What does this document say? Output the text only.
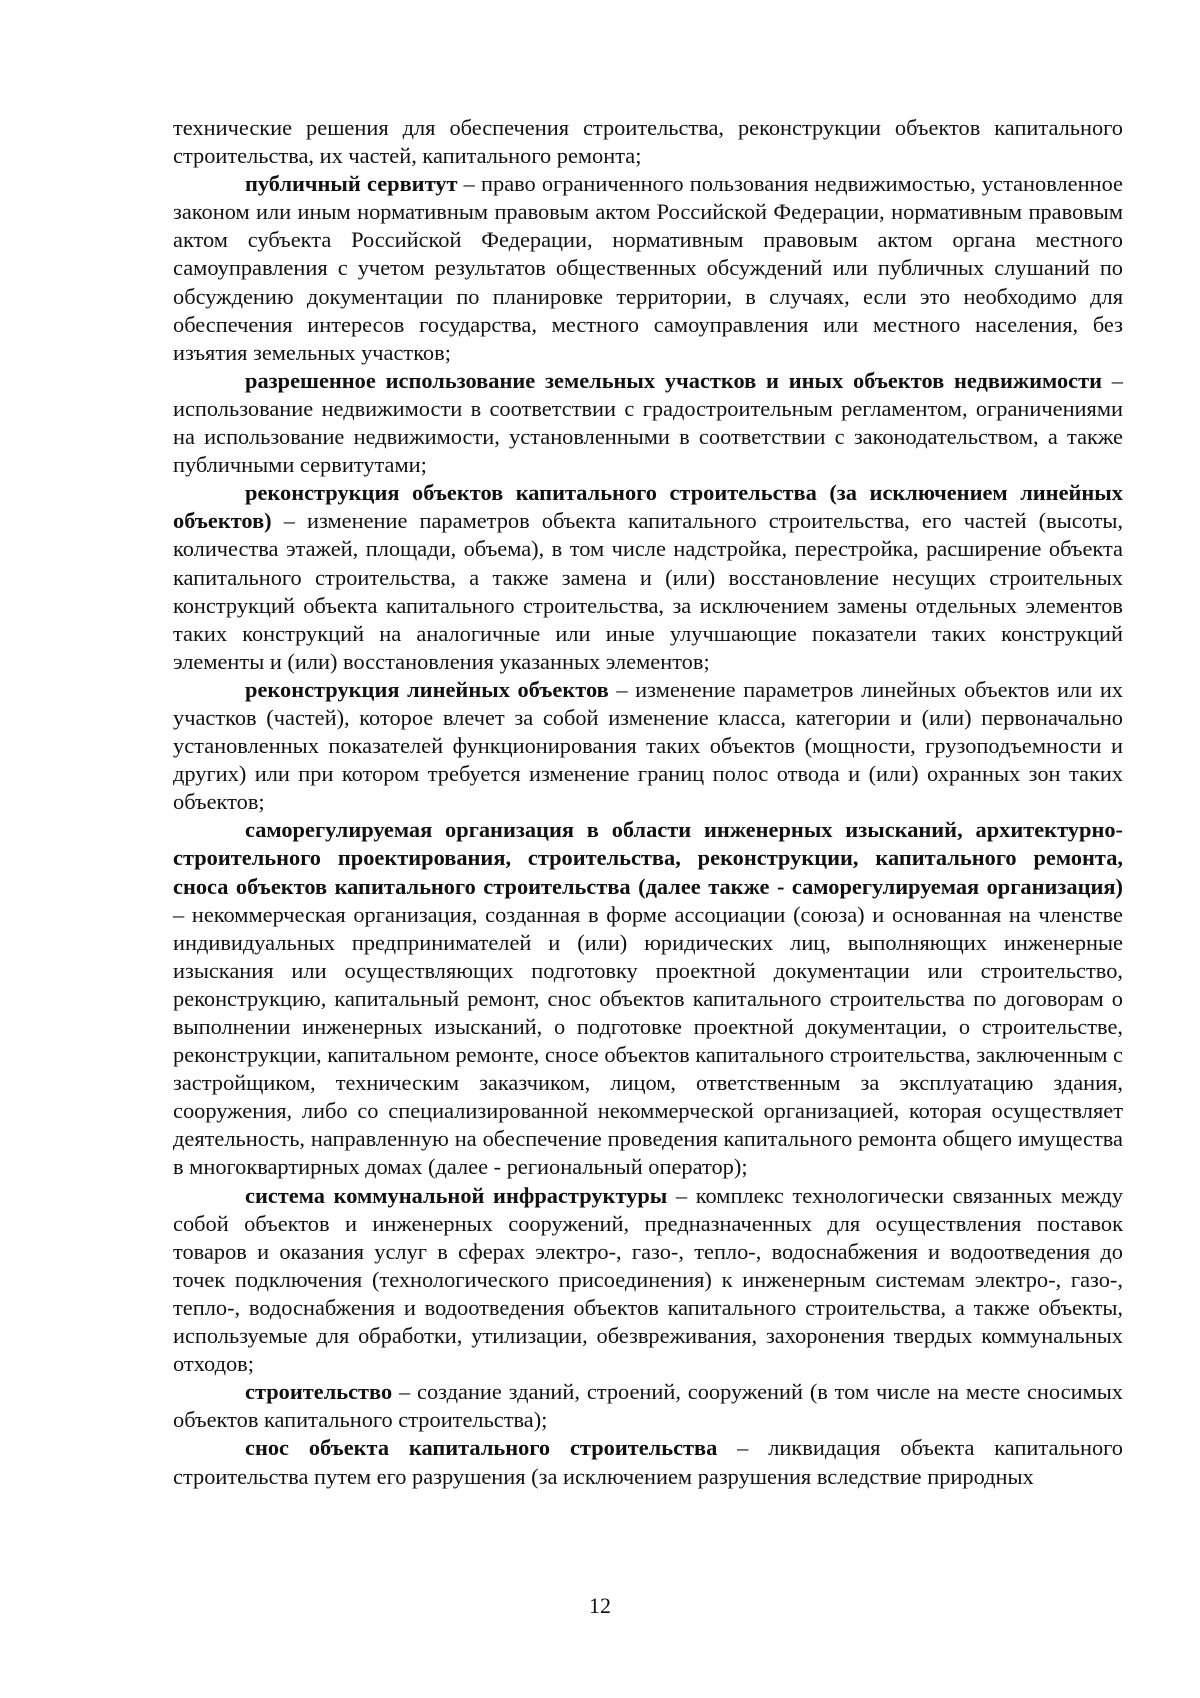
технические решения для обеспечения строительства, реконструкции объектов капитального строительства, их частей, капитального ремонта;

публичный сервитут – право ограниченного пользования недвижимостью, установленное законом или иным нормативным правовым актом Российской Федерации, нормативным правовым актом субъекта Российской Федерации, нормативным правовым актом органа местного самоуправления с учетом результатов общественных обсуждений или публичных слушаний по обсуждению документации по планировке территории, в случаях, если это необходимо для обеспечения интересов государства, местного самоуправления или местного населения, без изъятия земельных участков;

разрешенное использование земельных участков и иных объектов недвижимости – использование недвижимости в соответствии с градостроительным регламентом, ограничениями на использование недвижимости, установленными в соответствии с законодательством, а также публичными сервитутами;

реконструкция объектов капитального строительства (за исключением линейных объектов) – изменение параметров объекта капитального строительства, его частей (высоты, количества этажей, площади, объема), в том числе надстройка, перестройка, расширение объекта капитального строительства, а также замена и (или) восстановление несущих строительных конструкций объекта капитального строительства, за исключением замены отдельных элементов таких конструкций на аналогичные или иные улучшающие показатели таких конструкций элементы и (или) восстановления указанных элементов;

реконструкция линейных объектов – изменение параметров линейных объектов или их участков (частей), которое влечет за собой изменение класса, категории и (или) первоначально установленных показателей функционирования таких объектов (мощности, грузоподъемности и других) или при котором требуется изменение границ полос отвода и (или) охранных зон таких объектов;

саморегулируемая организация в области инженерных изысканий, архитектурно-строительного проектирования, строительства, реконструкции, капитального ремонта, сноса объектов капитального строительства (далее также - саморегулируемая организация) – некоммерческая организация, созданная в форме ассоциации (союза) и основанная на членстве индивидуальных предпринимателей и (или) юридических лиц, выполняющих инженерные изыскания или осуществляющих подготовку проектной документации или строительство, реконструкцию, капитальный ремонт, снос объектов капитального строительства по договорам о выполнении инженерных изысканий, о подготовке проектной документации, о строительстве, реконструкции, капитальном ремонте, сносе объектов капитального строительства, заключенным с застройщиком, техническим заказчиком, лицом, ответственным за эксплуатацию здания, сооружения, либо со специализированной некоммерческой организацией, которая осуществляет деятельность, направленную на обеспечение проведения капитального ремонта общего имущества в многоквартирных домах (далее - региональный оператор);

система коммунальной инфраструктуры – комплекс технологически связанных между собой объектов и инженерных сооружений, предназначенных для осуществления поставок товаров и оказания услуг в сферах электро-, газо-, тепло-, водоснабжения и водоотведения до точек подключения (технологического присоединения) к инженерным системам электро-, газо-, тепло-, водоснабжения и водоотведения объектов капитального строительства, а также объекты, используемые для обработки, утилизации, обезвреживания, захоронения твердых коммунальных отходов;

строительство – создание зданий, строений, сооружений (в том числе на месте сносимых объектов капитального строительства);

снос объекта капитального строительства – ликвидация объекта капитального строительства путем его разрушения (за исключением разрушения вследствие природных

12
